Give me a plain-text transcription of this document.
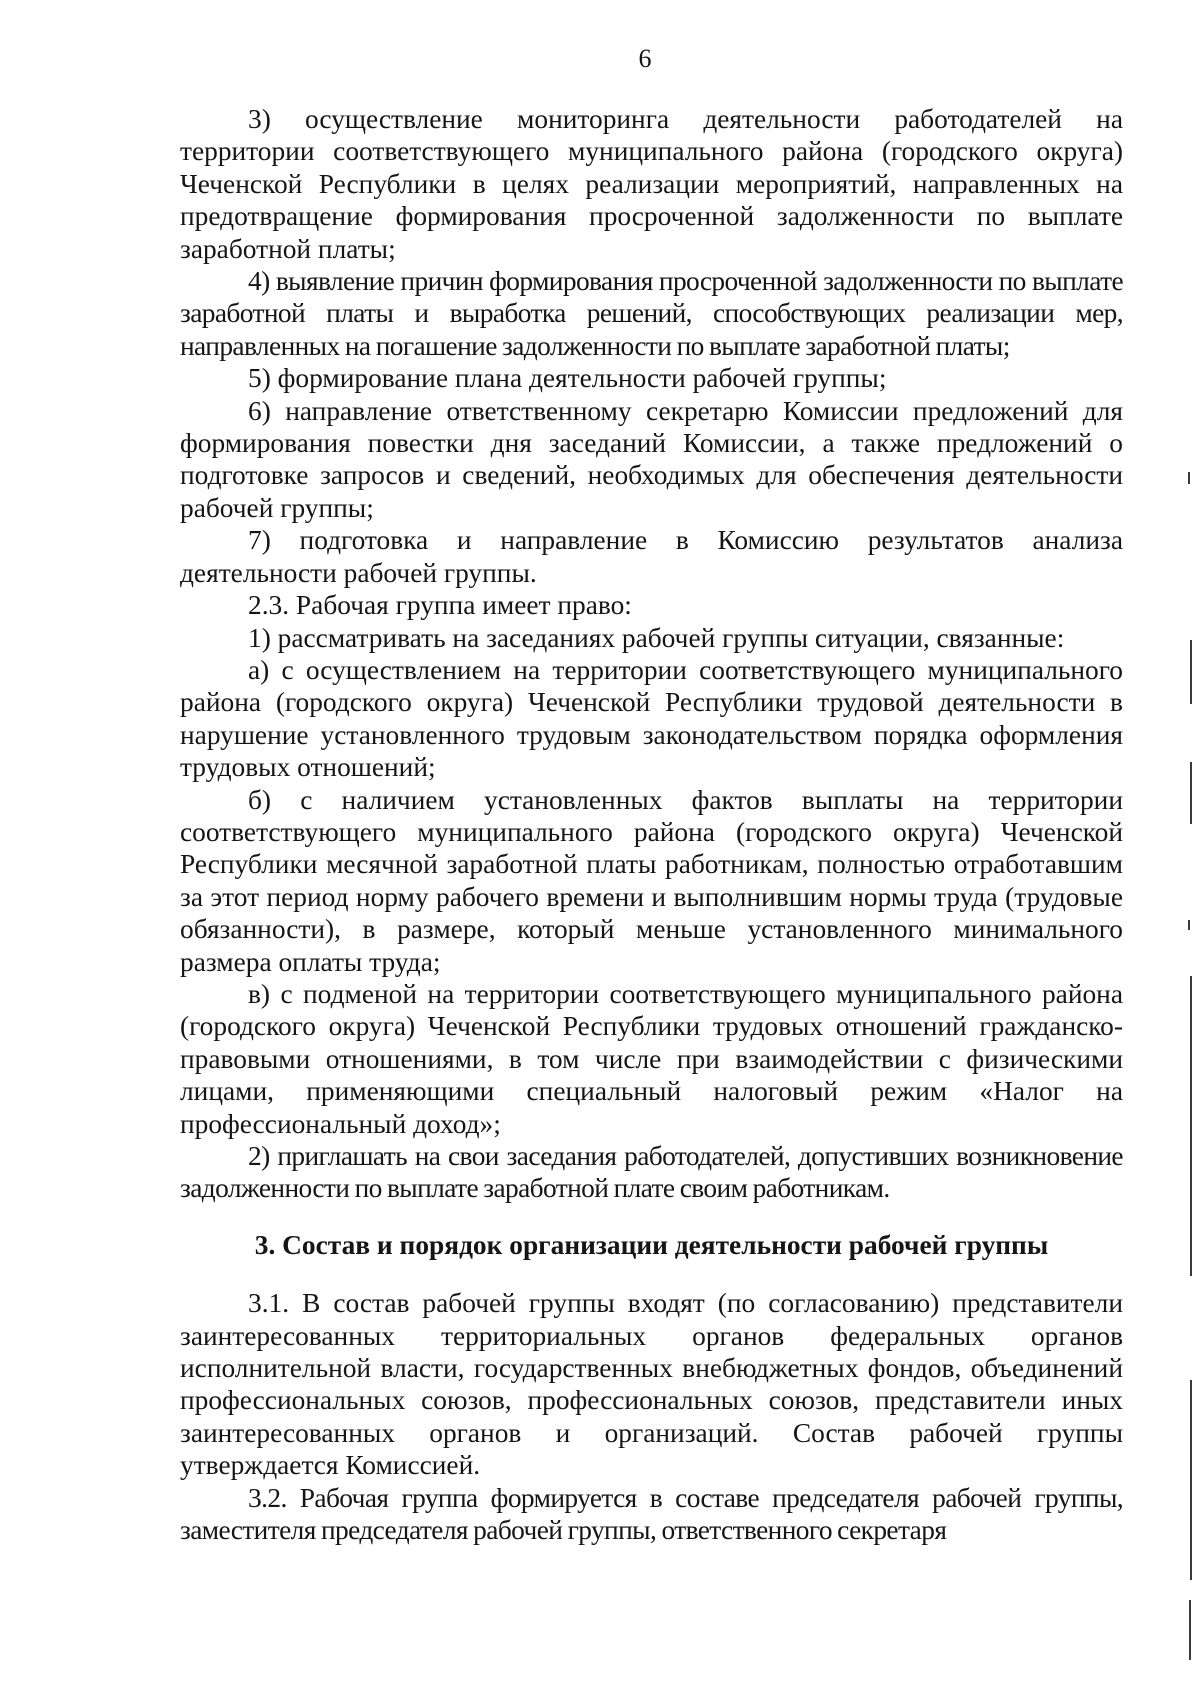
6

3) осуществление мониторинга деятельности работодателей на территории соответствующего муниципального района (городского округа) Чеченской Республики в целях реализации мероприятий, направленных на предотвращение формирования просроченной задолженности по выплате заработной платы;

4) выявление причин формирования просроченной задолженности по выплате заработной платы и выработка решений, способствующих реализации мер, направленных на погашение задолженности по выплате заработной платы;

5) формирование плана деятельности рабочей группы;

6) направление ответственному секретарю Комиссии предложений для формирования повестки дня заседаний Комиссии, а также предложений о подготовке запросов и сведений, необходимых для обеспечения деятельности рабочей группы;

7) подготовка и направление в Комиссию результатов анализа деятельности рабочей группы.

2.3. Рабочая группа имеет право:

1) рассматривать на заседаниях рабочей группы ситуации, связанные:

а) с осуществлением на территории соответствующего муниципального района (городского округа) Чеченской Республики трудовой деятельности в нарушение установленного трудовым законодательством порядка оформления трудовых отношений;

б) с наличием установленных фактов выплаты на территории соответствующего муниципального района (городского округа) Чеченской Республики месячной заработной платы работникам, полностью отработавшим за этот период норму рабочего времени и выполнившим нормы труда (трудовые обязанности), в размере, который меньше установленного минимального размера оплаты труда;

в) с подменой на территории соответствующего муниципального района (городского округа) Чеченской Республики трудовых отношений гражданско-правовыми отношениями, в том числе при взаимодействии с физическими лицами, применяющими специальный налоговый режим «Налог на профессиональный доход»;

2) приглашать на свои заседания работодателей, допустивших возникновение задолженности по выплате заработной плате своим работникам.

3. Состав и порядок организации деятельности рабочей группы

3.1. В состав рабочей группы входят (по согласованию) представители заинтересованных территориальных органов федеральных органов исполнительной власти, государственных внебюджетных фондов, объединений профессиональных союзов, профессиональных союзов, представители иных заинтересованных органов и организаций. Состав рабочей группы утверждается Комиссией.

3.2. Рабочая группа формируется в составе председателя рабочей группы, заместителя председателя рабочей группы, ответственного секретаря
